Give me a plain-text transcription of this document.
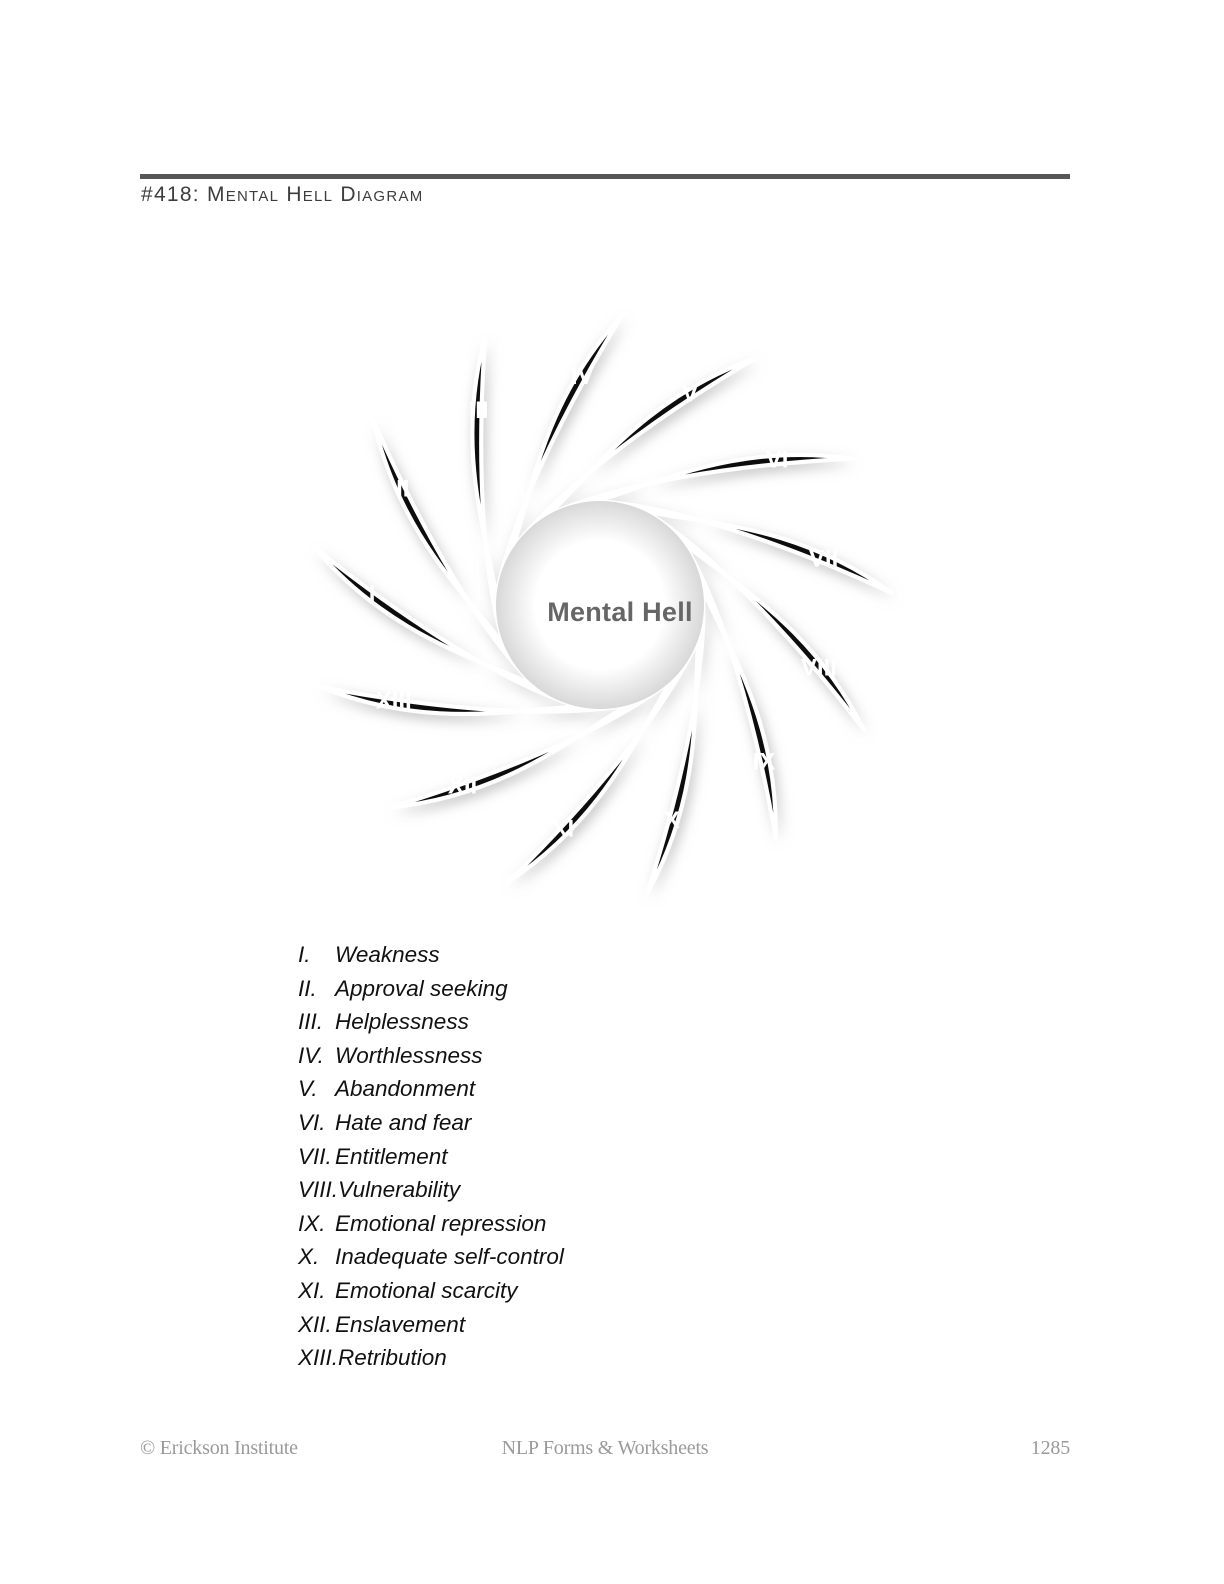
#418: Mental Hell Diagram
I
II
III
IV
V
VI
VII
VIII
IX
X
XI
XII
XIII
Mental Hell
I.	Weakness
II. Approval seeking
III. Helplessness
IV. Worthlessness
V. Abandonment
VI. Hate and fear
VII. Entitlement
VIII. Vulnerability
IX. Emotional repression
X. Inadequate self-control
XI. Emotional scarcity
XII. Enslavement
XIII. Retribution
© Erickson Institute	NLP Forms & Worksheets	1285
